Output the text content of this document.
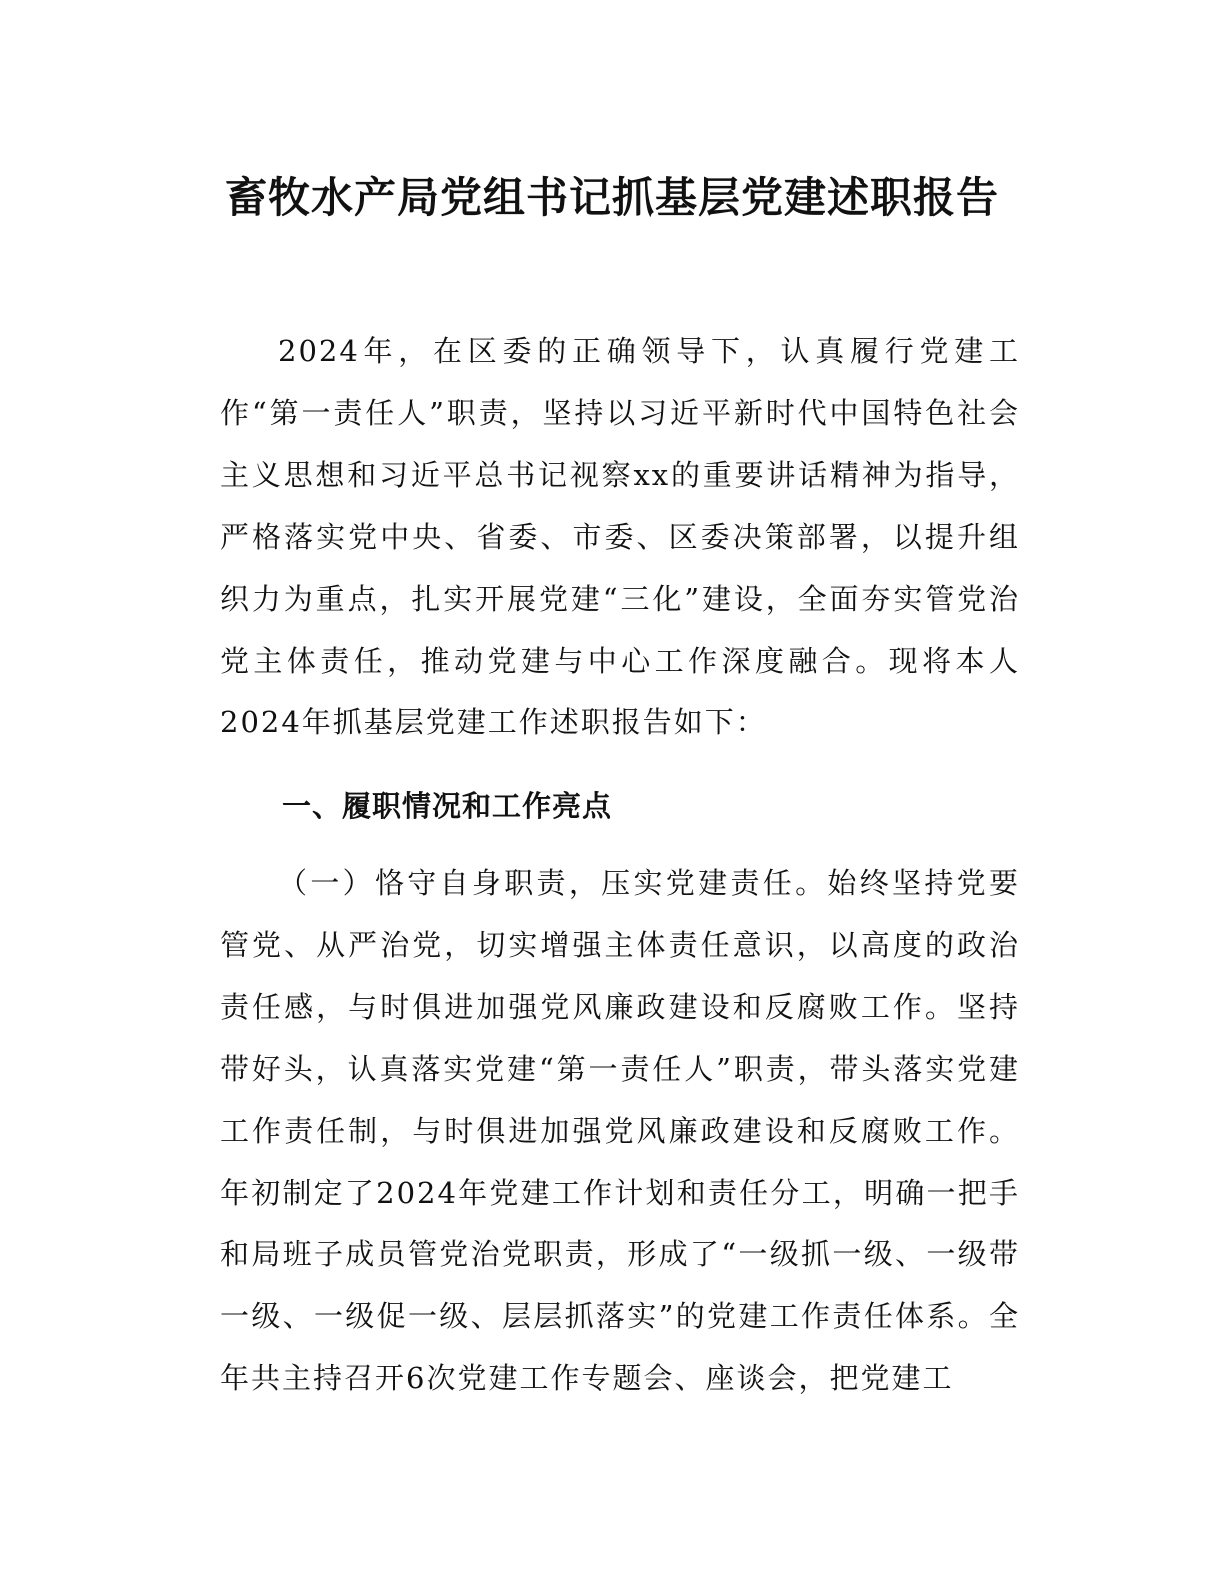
畜牧水产局党组书记抓基层党建述职报告

2024年，在区委的正确领导下，认真履行党建工作“第一责任人”职责，坚持以习近平新时代中国特色社会主义思想和习近平总书记视察xx的重要讲话精神为指导，严格落实党中央、省委、市委、区委决策部署，以提升组织力为重点，扎实开展党建“三化”建设，全面夯实管党治党主体责任，推动党建与中心工作深度融合。现将本人2024年抓基层党建工作述职报告如下：

一、履职情况和工作亮点

（一）恪守自身职责，压实党建责任。始终坚持党要管党、从严治党，切实增强主体责任意识，以高度的政治责任感，与时俱进加强党风廉政建设和反腐败工作。坚持带好头，认真落实党建“第一责任人”职责，带头落实党建工作责任制，与时俱进加强党风廉政建设和反腐败工作。年初制定了2024年党建工作计划和责任分工，明确一把手和局班子成员管党治党职责，形成了“一级抓一级、一级带一级、一级促一级、层层抓落实”的党建工作责任体系。全年共主持召开6次党建工作专题会、座谈会，把党建工
